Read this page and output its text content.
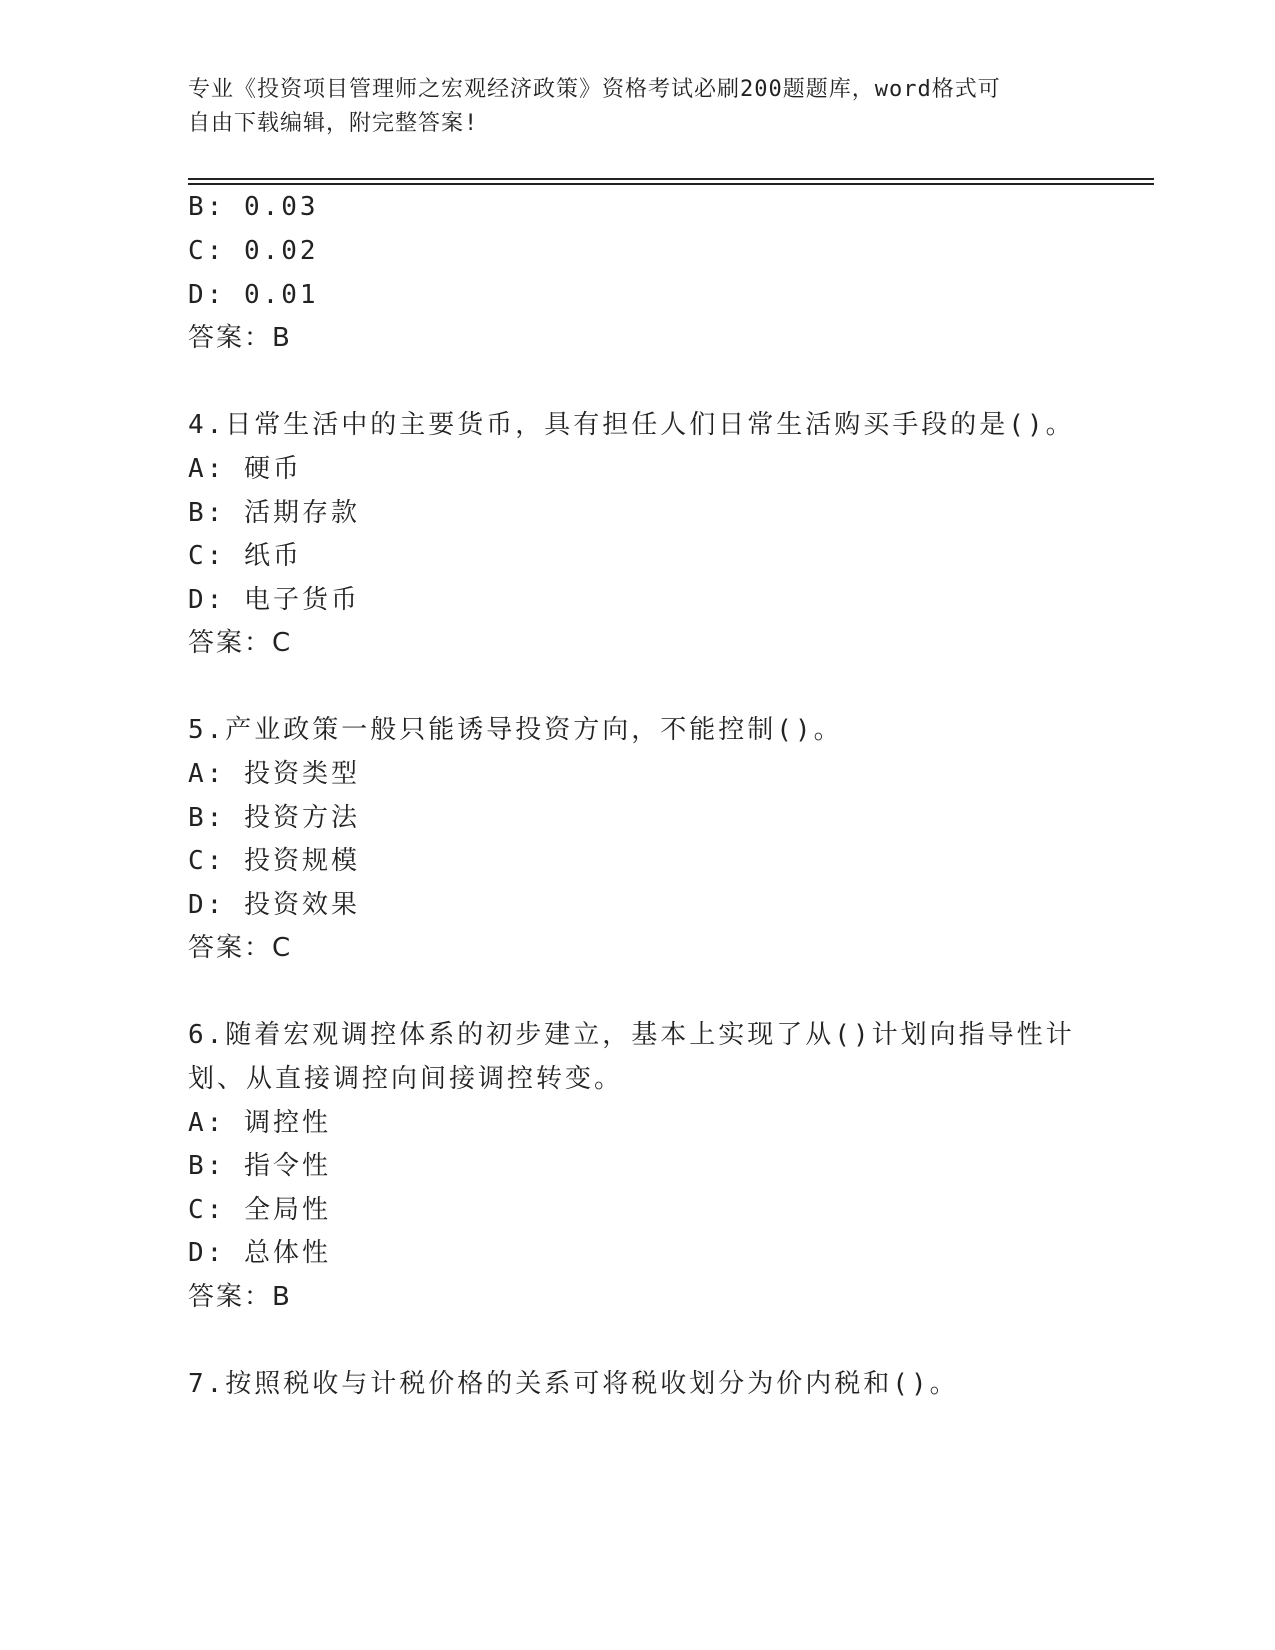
专业《投资项目管理师之宏观经济政策》资格考试必刷200题题库，word格式可
自由下载编辑，附完整答案!
B: 0.03
C: 0.02
D: 0.01
答案：B
4.日常生活中的主要货币，具有担任人们日常生活购买手段的是()。
A: 硬币
B: 活期存款
C: 纸币
D: 电子货币
答案：C
5.产业政策一般只能诱导投资方向，不能控制()。
A: 投资类型
B: 投资方法
C: 投资规模
D: 投资效果
答案：C
6.随着宏观调控体系的初步建立，基本上实现了从()计划向指导性计
划、从直接调控向间接调控转变。
A: 调控性
B: 指令性
C: 全局性
D: 总体性
答案：B
7.按照税收与计税价格的关系可将税收划分为价内税和()。
